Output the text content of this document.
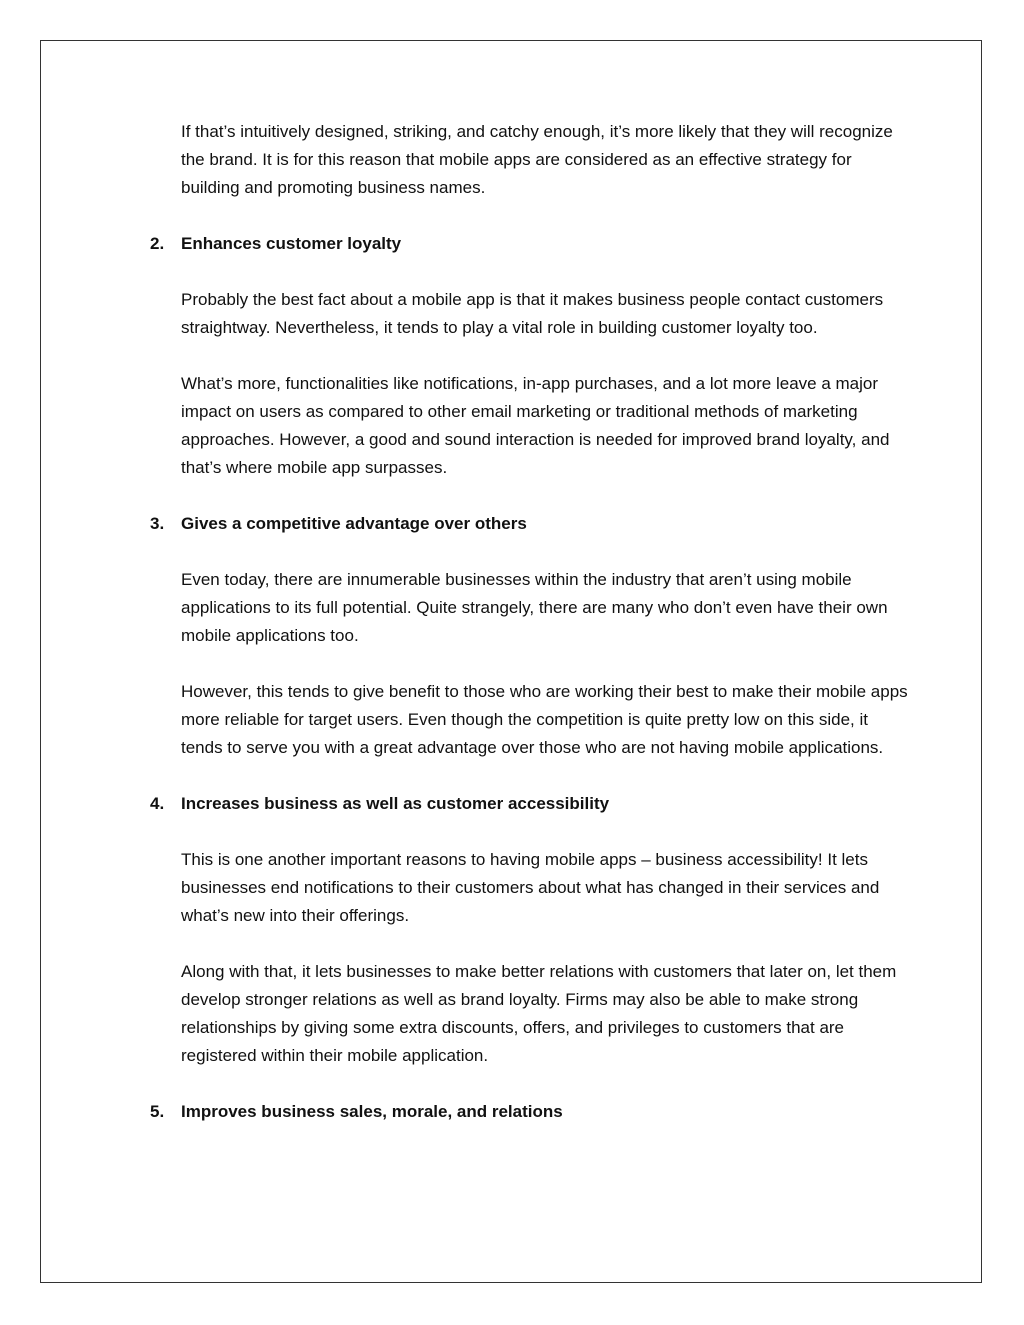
If that’s intuitively designed, striking, and catchy enough, it’s more likely that they will recognize the brand. It is for this reason that mobile apps are considered as an effective strategy for building and promoting business names.

2. Enhances customer loyalty

Probably the best fact about a mobile app is that it makes business people contact customers straightway. Nevertheless, it tends to play a vital role in building customer loyalty too.

What’s more, functionalities like notifications, in-app purchases, and a lot more leave a major impact on users as compared to other email marketing or traditional methods of marketing approaches. However, a good and sound interaction is needed for improved brand loyalty, and that’s where mobile app surpasses.

3. Gives a competitive advantage over others

Even today, there are innumerable businesses within the industry that aren’t using mobile applications to its full potential. Quite strangely, there are many who don’t even have their own mobile applications too.

However, this tends to give benefit to those who are working their best to make their mobile apps more reliable for target users. Even though the competition is quite pretty low on this side, it tends to serve you with a great advantage over those who are not having mobile applications.

4. Increases business as well as customer accessibility

This is one another important reasons to having mobile apps – business accessibility! It lets businesses end notifications to their customers about what has changed in their services and what’s new into their offerings.

Along with that, it lets businesses to make better relations with customers that later on, let them develop stronger relations as well as brand loyalty. Firms may also be able to make strong relationships by giving some extra discounts, offers, and privileges to customers that are registered within their mobile application.

5. Improves business sales, morale, and relations
